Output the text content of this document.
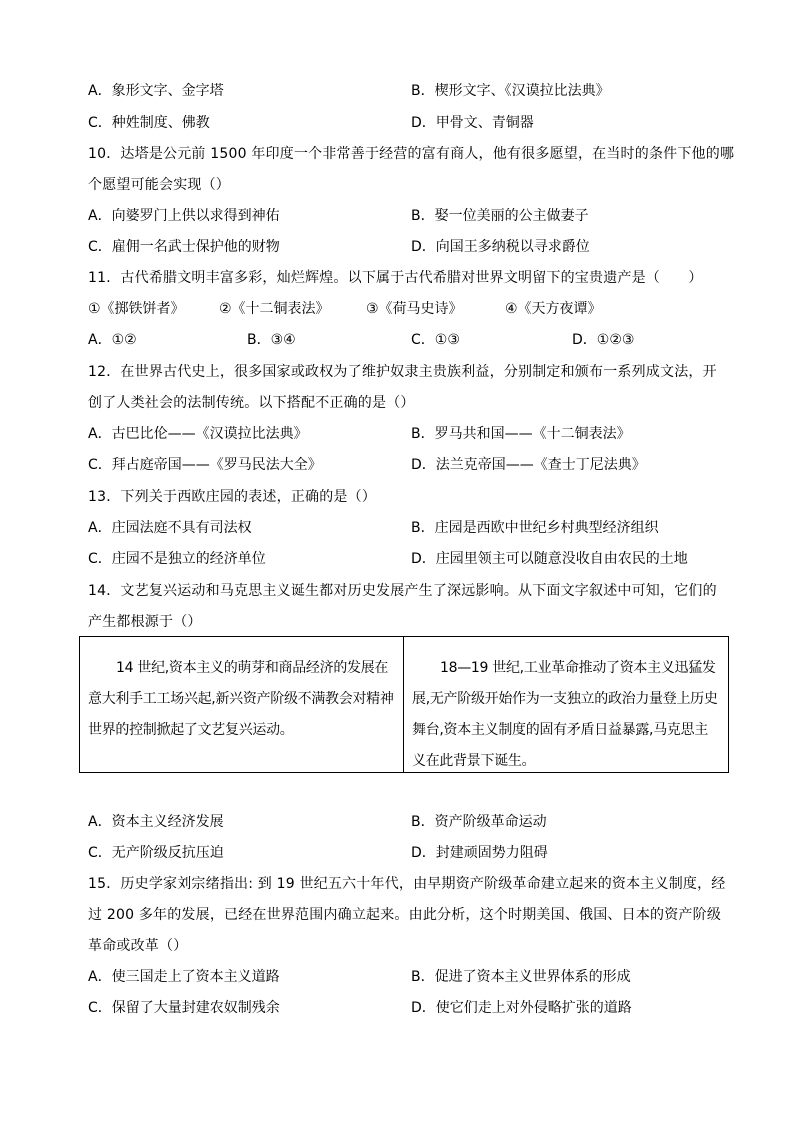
A．象形文字、金字塔	B．楔形文字、《汉谟拉比法典》
C．种姓制度、佛教	D．甲骨文、青铜器
10．达塔是公元前 1500 年印度一个非常善于经营的富有商人，他有很多愿望，在当时的条件下他的哪
个愿望可能会实现（）
A．向婆罗门上供以求得到神佑	B．娶一位美丽的公主做妻子
C．雇佣一名武士保护他的财物	D．向国王多纳税以寻求爵位
11．古代希腊文明丰富多彩，灿烂辉煌。以下属于古代希腊对世界文明留下的宝贵遗产是（　　）
①《掷铁饼者》 ②《十二铜表法》	③《荷马史诗》	④《天方夜谭》
A．①②	B．③④	C．①③	D．①②③
12．在世界古代史上，很多国家或政权为了维护奴隶主贵族利益，分别制定和颁布一系列成文法，开
创了人类社会的法制传统。以下搭配不正确的是（）
A．古巴比伦——《汉谟拉比法典》	B．罗马共和国——《十二铜表法》
C．拜占庭帝国——《罗马民法大全》	D．法兰克帝国——《查士丁尼法典》
13．下列关于西欧庄园的表述，正确的是（）
A．庄园法庭不具有司法权	B．庄园是西欧中世纪乡村典型经济组织
C．庄园不是独立的经济单位	D．庄园里领主可以随意没收自由农民的土地
14．文艺复兴运动和马克思主义诞生都对历史发展产生了深远影响。从下面文字叙述中可知，它们的
产生都根源于（）
14 世纪,资本主义的萌芽和商品经济的发展在意大利手工工场兴起,新兴资产阶级不满教会对精神世界的控制掀起了文艺复兴运动。
18—19 世纪,工业革命推动了资本主义迅猛发展,无产阶级开始作为一支独立的政治力量登上历史舞台,资本主义制度的固有矛盾日益暴露,马克思主义在此背景下诞生。
A．资本主义经济发展	B．资产阶级革命运动
C．无产阶级反抗压迫	D．封建顽固势力阻碍
15．历史学家刘宗绪指出: 到 19 世纪五六十年代，由早期资产阶级革命建立起来的资本主义制度，经
过 200 多年的发展，已经在世界范围内确立起来。由此分析，这个时期美国、俄国、日本的资产阶级
革命或改革（）
A．使三国走上了资本主义道路	B．促进了资本主义世界体系的形成
C．保留了大量封建农奴制残余	D．使它们走上对外侵略扩张的道路
